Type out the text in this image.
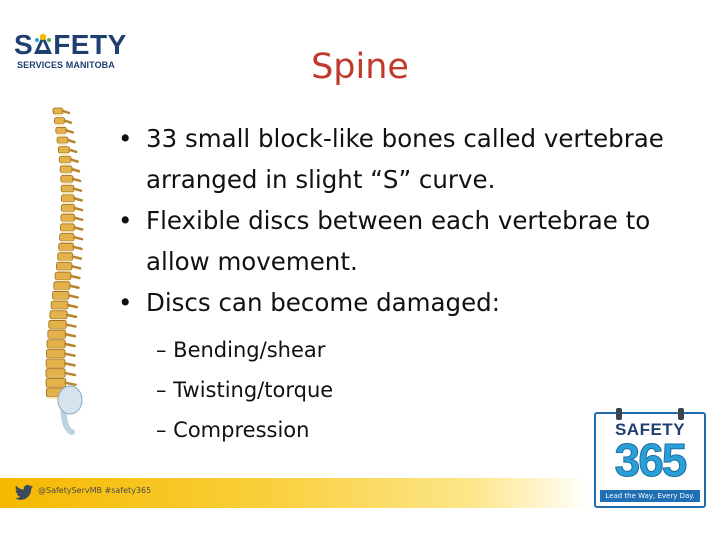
S FETY
SERVICES MANITOBA	Spine
• 33 small block-like bones called vertebrae arranged in slight “S” curve.
• Flexible discs between each vertebrae to allow movement.
• Discs can become damaged:
– Bending/shear
– Twisting/torque
– Compression
@SafetyServMB #safety365
SAFETY
365
Lead the Way, Every Day.
